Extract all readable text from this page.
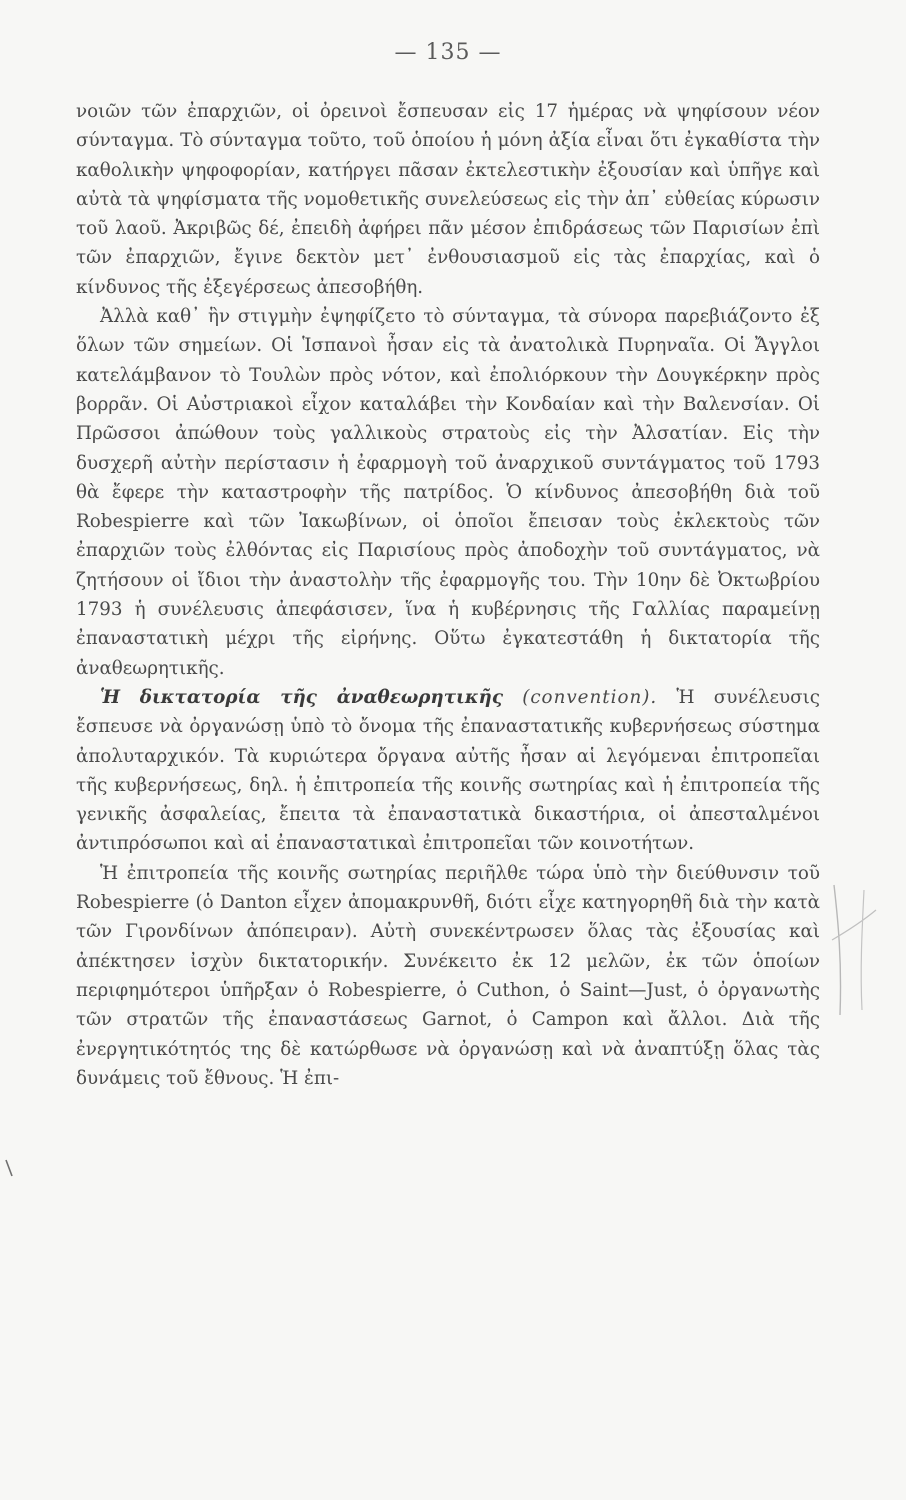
— 135 —

νοιῶν τῶν ἐπαρχιῶν, οἱ ὀρεινοὶ ἔσπευσαν εἰς 17 ἡμέρας νὰ ψηφίσουν νέον σύνταγμα. Τὸ σύνταγμα τοῦτο, τοῦ ὁποίου ἡ μόνη ἀξία εἶναι ὅτι ἐγκαθίστα τὴν καθολικὴν ψηφοφορίαν, κατήργει πᾶσαν ἐκτελεστικὴν ἐξουσίαν καὶ ὑπῆγε καὶ αὐτὰ τὰ ψηφίσματα τῆς νομοθετικῆς συνελεύσεως εἰς τὴν ἀπ᾿ εὐθείας κύρωσιν τοῦ λαοῦ. Ἀκριβῶς δέ, ἐπειδὴ ἀφήρει πᾶν μέσον ἐπιδράσεως τῶν Παρισίων ἐπὶ τῶν ἐπαρχιῶν, ἔγινε δεκτὸν μετ᾿ ἐνθουσιασμοῦ εἰς τὰς ἐπαρχίας, καὶ ὁ κίνδυνος τῆς ἐξεγέρσεως ἀπεσοβήθη.

Ἀλλὰ καθ᾿ ἣν στιγμὴν ἐψηφίζετο τὸ σύνταγμα, τὰ σύνορα παρεβιάζοντο ἐξ ὅλων τῶν σημείων. Οἱ Ἱσπανοὶ ἦσαν εἰς τὰ ἀνατολικὰ Πυρηναῖα. Οἱ Ἄγγλοι κατελάμβανον τὸ Τουλὼν πρὸς νότον, καὶ ἐπολιόρκουν τὴν Δουγκέρκην πρὸς βορρᾶν. Οἱ Αὐστριακοὶ εἶχον καταλάβει τὴν Κονδαίαν καὶ τὴν Βαλενσίαν. Οἱ Πρῶσσοι ἀπώθουν τοὺς γαλλικοὺς στρατοὺς εἰς τὴν Ἀλσατίαν. Εἰς τὴν δυσχερῆ αὐτὴν περίστασιν ἡ ἐφαρμογὴ τοῦ ἀναρχικοῦ συντάγματος τοῦ 1793 θὰ ἔφερε τὴν καταστροφὴν τῆς πατρίδος. Ὁ κίνδυνος ἀπεσοβήθη διὰ τοῦ Robespierre καὶ τῶν Ἰακωβίνων, οἱ ὁποῖοι ἔπεισαν τοὺς ἐκλεκτοὺς τῶν ἐπαρχιῶν τοὺς ἐλθόντας εἰς Παρισίους πρὸς ἀποδοχὴν τοῦ συντάγματος, νὰ ζητήσουν οἱ ἴδιοι τὴν ἀναστολὴν τῆς ἐφαρμογῆς του. Τὴν 10ην δὲ Ὀκτωβρίου 1793 ἡ συνέλευσις ἀπεφάσισεν, ἵνα ἡ κυβέρνησις τῆς Γαλλίας παραμείνῃ ἐπαναστατικὴ μέχρι τῆς εἰρήνης. Οὕτω ἐγκατεστάθη ἡ δικτατορία τῆς ἀναθεωρητικῆς.

Ἡ δικτατορία τῆς ἀναθεωρητικῆς (convention). Ἡ συνέλευσις ἔσπευσε νὰ ὀργανώσῃ ὑπὸ τὸ ὄνομα τῆς ἐπαναστατικῆς κυβερνήσεως σύστημα ἀπολυταρχικόν. Τὰ κυριώτερα ὄργανα αὐτῆς ἦσαν αἱ λεγόμεναι ἐπιτροπεῖαι τῆς κυβερνήσεως, δηλ. ἡ ἐπιτροπεία τῆς κοινῆς σωτηρίας καὶ ἡ ἐπιτροπεία τῆς γενικῆς ἀσφαλείας, ἔπειτα τὰ ἐπαναστατικὰ δικαστήρια, οἱ ἀπεσταλμένοι ἀντιπρόσωποι καὶ αἱ ἐπαναστατικαὶ ἐπιτροπεῖαι τῶν κοινοτήτων.

Ἡ ἐπιτροπεία τῆς κοινῆς σωτηρίας περιῆλθε τώρα ὑπὸ τὴν διεύθυνσιν τοῦ Robespierre (ὁ Danton εἶχεν ἀπομακρυνθῆ, διότι εἶχε κατηγορηθῆ διὰ τὴν κατὰ τῶν Γιρονδίνων ἀπόπειραν). Αὐτὴ συνεκέντρωσεν ὅλας τὰς ἐξουσίας καὶ ἀπέκτησεν ἰσχὺν δικτατορικήν. Συνέκειτο ἐκ 12 μελῶν, ἐκ τῶν ὁποίων περιφημότεροι ὑπῆρξαν ὁ Robespierre, ὁ Cuthon, ὁ Saint—Just, ὁ ὀργανωτὴς τῶν στρατῶν τῆς ἐπαναστάσεως Garnot, ὁ Campon καὶ ἄλλοι. Διὰ τῆς ἐνεργητικότητός της δὲ κατώρθωσε νὰ ὀργανώσῃ καὶ νὰ ἀναπτύξῃ ὅλας τὰς δυνάμεις τοῦ ἔθνους. Ἡ ἐπι-
